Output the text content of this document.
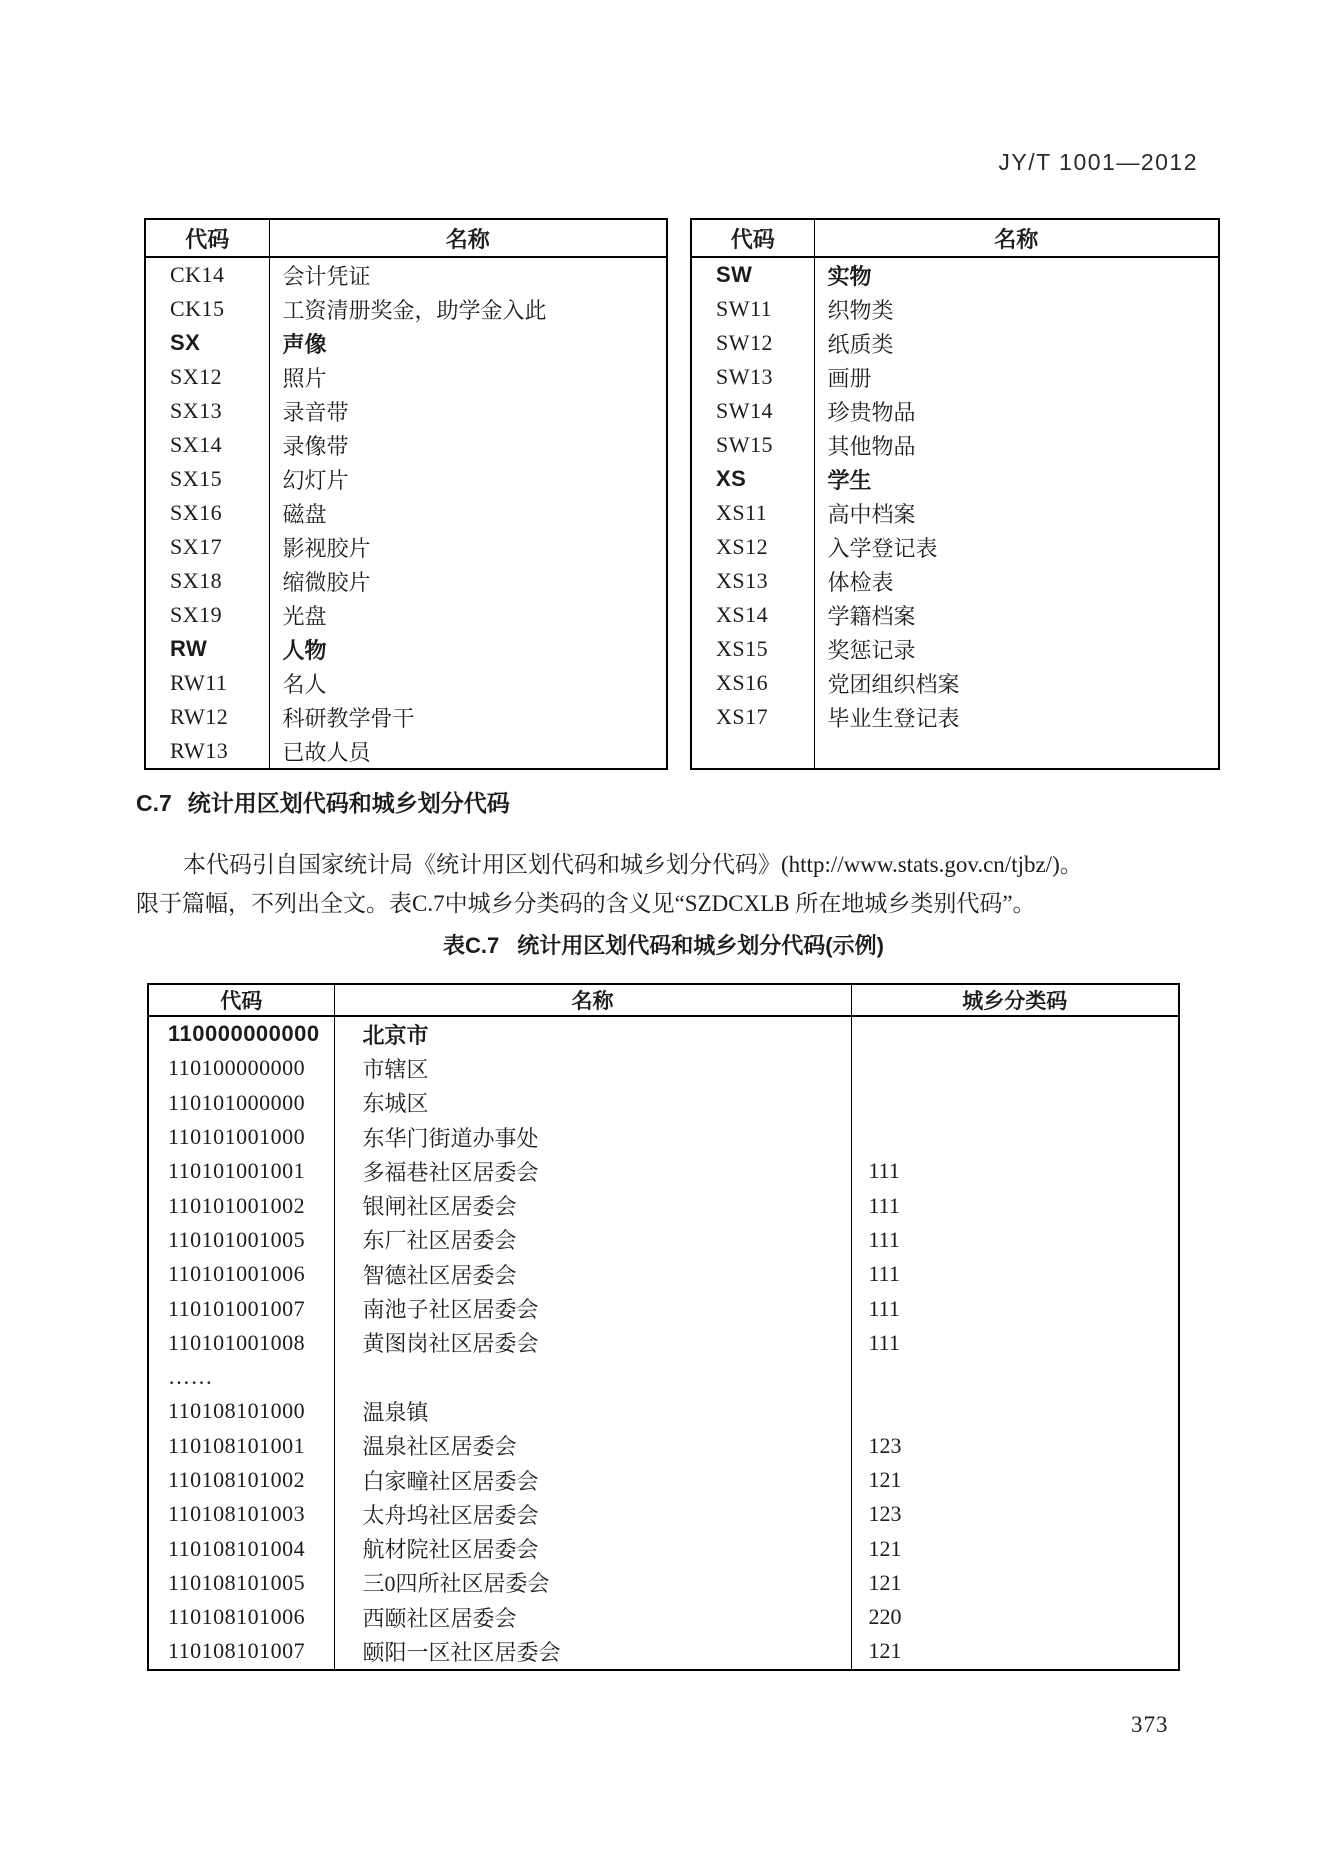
JY/T 1001—2012
代码	名称
CK14	会计凭证
CK15	工资清册奖金，助学金入此
SX	声像
SX12	照片
SX13	录音带
SX14	录像带
SX15	幻灯片
SX16	磁盘
SX17	影视胶片
SX18	缩微胶片
SX19	光盘
RW	人物
RW11	名人
RW12	科研教学骨干
RW13	已故人员
代码	名称
SW	实物
SW11	织物类
SW12	纸质类
SW13	画册
SW14	珍贵物品
SW15	其他物品
XS	学生
XS11	高中档案
XS12	入学登记表
XS13	体检表
XS14	学籍档案
XS15	奖惩记录
XS16	党团组织档案
XS17	毕业生登记表

C.7 统计用区划代码和城乡划分代码
本代码引自国家统计局《统计用区划代码和城乡划分代码》(http://www.stats.gov.cn/tjbz/)。
限于篇幅，不列出全文。表C.7中城乡分类码的含义见“SZDCXLB 所在地城乡类别代码”。
表C.7 统计用区划代码和城乡划分代码(示例)
代码	名称	城乡分类码
110000000000	北京市	
110100000000	市辖区	
110101000000	东城区	
110101001000	东华门街道办事处	
110101001001	多福巷社区居委会	111
110101001002	银闸社区居委会	111
110101001005	东厂社区居委会	111
110101001006	智德社区居委会	111
110101001007	南池子社区居委会	111
110101001008	黄图岗社区居委会	111
……		
110108101000	温泉镇	
110108101001	温泉社区居委会	123
110108101002	白家疃社区居委会	121
110108101003	太舟坞社区居委会	123
110108101004	航材院社区居委会	121
110108101005	三0四所社区居委会	121
110108101006	西颐社区居委会	220
110108101007	颐阳一区社区居委会	121
373
